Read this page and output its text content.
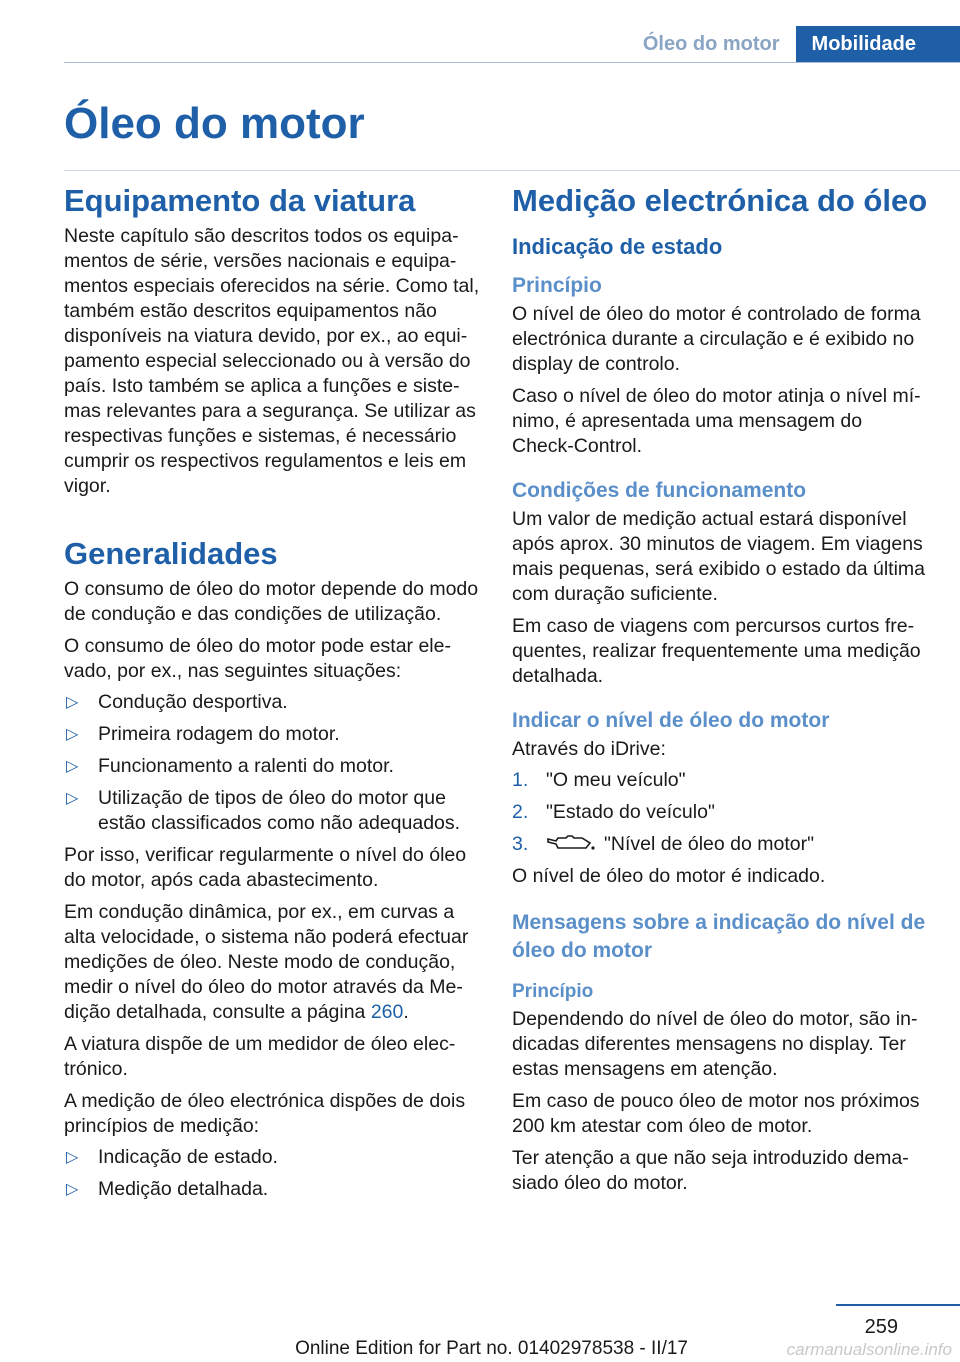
Óleo do motor	Mobilidade
Óleo do motor
Equipamento da viatura

Neste capítulo são descritos todos os equipamentos de série, versões nacionais e equipamentos especiais oferecidos na série. Como tal, também estão descritos equipamentos não disponíveis na viatura devido, por ex., ao equipamento especial seleccionado ou à versão do país. Isto também se aplica a funções e sistemas relevantes para a segurança. Se utilizar as respectivas funções e sistemas, é necessário cumprir os respectivos regulamentos e leis em vigor.

Generalidades

O consumo de óleo do motor depende do modo de condução e das condições de utilização.

O consumo de óleo do motor pode estar elevado, por ex., nas seguintes situações:

▷ Condução desportiva.
▷ Primeira rodagem do motor.
▷ Funcionamento a ralenti do motor.
▷ Utilização de tipos de óleo do motor que estão classificados como não adequados.

Por isso, verificar regularmente o nível do óleo do motor, após cada abastecimento.

Em condução dinâmica, por ex., em curvas a alta velocidade, o sistema não poderá efectuar medições de óleo. Neste modo de condução, medir o nível do óleo do motor através da Medição detalhada, consulte a página 260.

A viatura dispõe de um medidor de óleo electrónico.

A medição de óleo electrónica dispões de dois princípios de medição:

▷ Indicação de estado.
▷ Medição detalhada.
Medição electrónica do óleo
Indicação de estado
Princípio

O nível de óleo do motor é controlado de forma electrónica durante a circulação e é exibido no display de controlo.

Caso o nível de óleo do motor atinja o nível mínimo, é apresentada uma mensagem do Check-Control.

Condições de funcionamento

Um valor de medição actual estará disponível após aprox. 30 minutos de viagem. Em viagens mais pequenas, será exibido o estado da última com duração suficiente.

Em caso de viagens com percursos curtos frequentes, realizar frequentemente uma medição detalhada.

Indicar o nível de óleo do motor

Através do iDrive:

1. "O meu veículo"
2. "Estado do veículo"
3.	"Nível de óleo do motor"

O nível de óleo do motor é indicado.

Mensagens sobre a indicação do nível de óleo do motor
Princípio

Dependendo do nível de óleo do motor, são indicadas diferentes mensagens no display. Ter estas mensagens em atenção.

Em caso de pouco óleo de motor nos próximos 200 km atestar com óleo de motor.

Ter atenção a que não seja introduzido demasiado óleo do motor.

259
Online Edition for Part no. 01402978538 - II/17	carmanualsonline.info
